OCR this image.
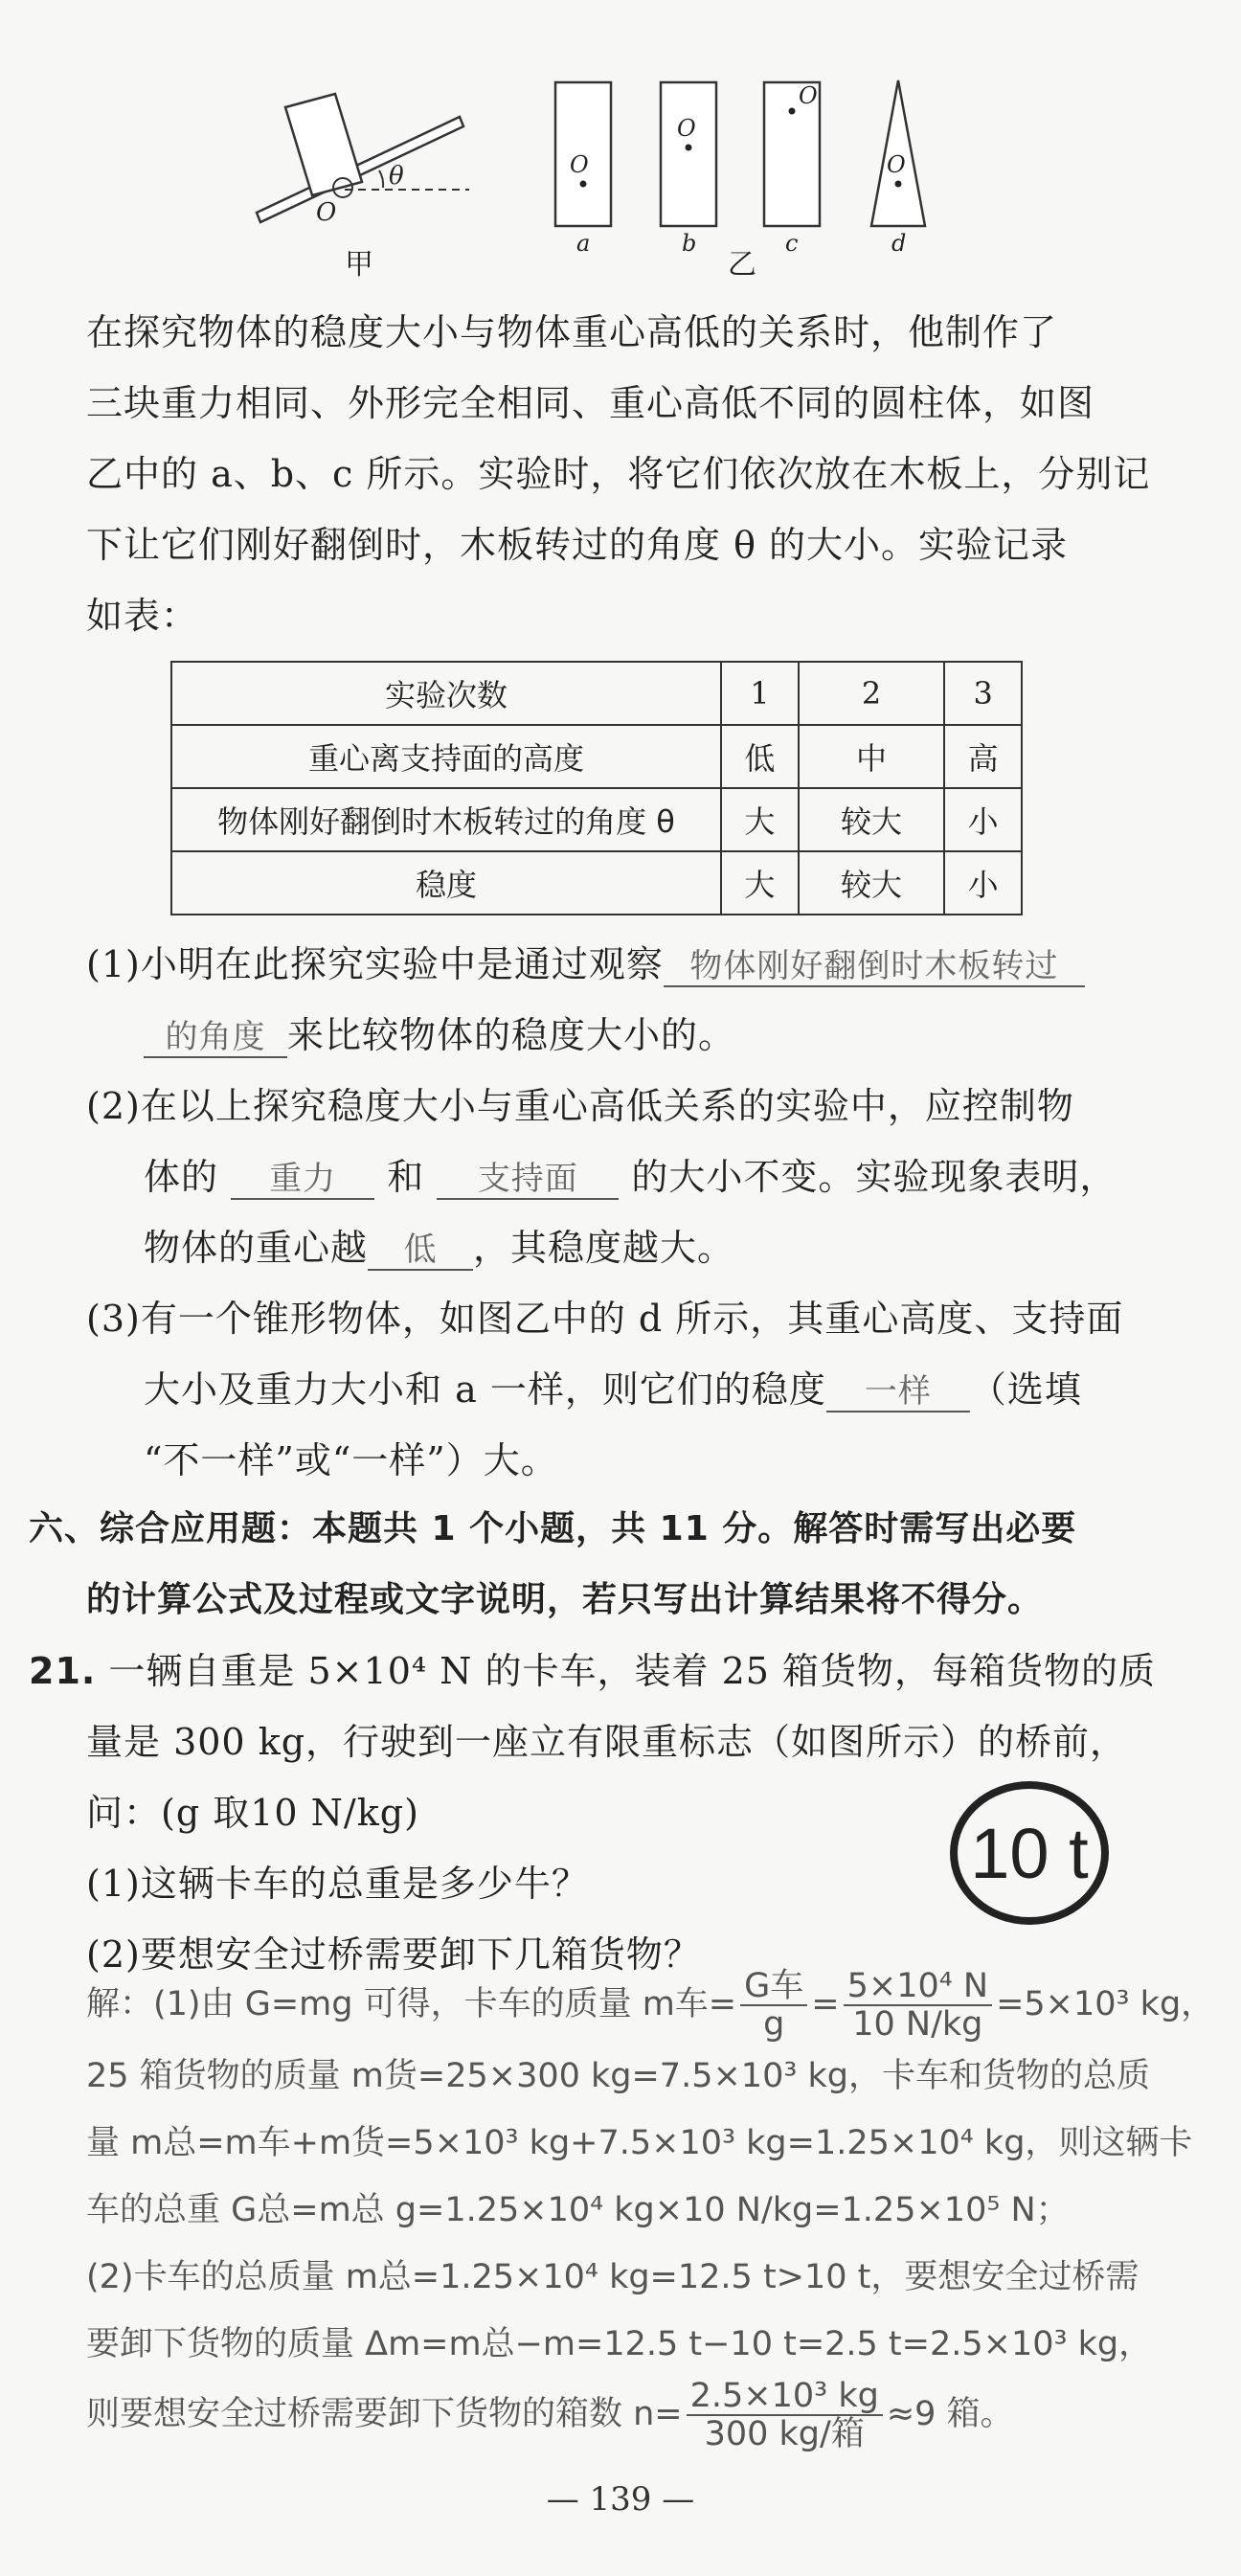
O
θ
甲
O
a
O
b
O
c
O
d
乙
在探究物体的稳度大小与物体重心高低的关系时，他制作了
三块重力相同、外形完全相同、重心高低不同的圆柱体，如图
乙中的 a、b、c 所示。实验时，将它们依次放在木板上，分别记
下让它们刚好翻倒时，木板转过的角度 θ 的大小。实验记录
如表：
实验次数	1	2	3
重心离支持面的高度	低	中	高
物体刚好翻倒时木板转过的角度 θ	大	较大	小
稳度	大	较大	小
(1)小明在此探究实验中是通过观察 物体刚好翻倒时木板转过
的角度 来比较物体的稳度大小的。
(2)在以上探究稳度大小与重心高低关系的实验中，应控制物
体的 重力 和 支持面 的大小不变。实验现象表明，
物体的重心越 低 ，其稳度越大。
(3)有一个锥形物体，如图乙中的 d 所示，其重心高度、支持面
大小及重力大小和 a 一样，则它们的稳度 一样 （选填
“不一样”或“一样”）大。
六、综合应用题：本题共 1 个小题，共 11 分。解答时需写出必要
的计算公式及过程或文字说明，若只写出计算结果将不得分。
21. 一辆自重是 5×10⁴ N 的卡车，装着 25 箱货物，每箱货物的质
量是 300 kg，行驶到一座立有限重标志（如图所示）的桥前，
问：(g 取10 N/kg)
(1)这辆卡车的总重是多少牛？
(2)要想安全过桥需要卸下几箱货物？
10 t
解：(1)由 G=mg 可得，卡车的质量 m车= $\frac{\text{G车}}{g} = \frac{\text{5×10⁴ N}}{10 N/kg} =5\times 10^3$ kg，
25 箱货物的质量 m货=25×300 kg=7.5×10³ kg，卡车和货物的总质
量 m总=m车+m货=5×10³ kg+7.5×10³ kg=1.25×10⁴ kg，则这辆卡
车的总重 G总=m总 g=1.25×10⁴ kg×10 N/kg=1.25×10⁵ N；
(2)卡车的总质量 m总=1.25×10⁴ kg=12.5 t>10 t，要想安全过桥需
要卸下货物的质量 Δm=m总−m=12.5 t−10 t=2.5 t=2.5×10³ kg，
则要想安全过桥需要卸下货物的箱数 $n= \frac{\text{2.5×10³ kg}}{\text{300 kg/箱}} \approx 9$ 箱。
— 139 —
